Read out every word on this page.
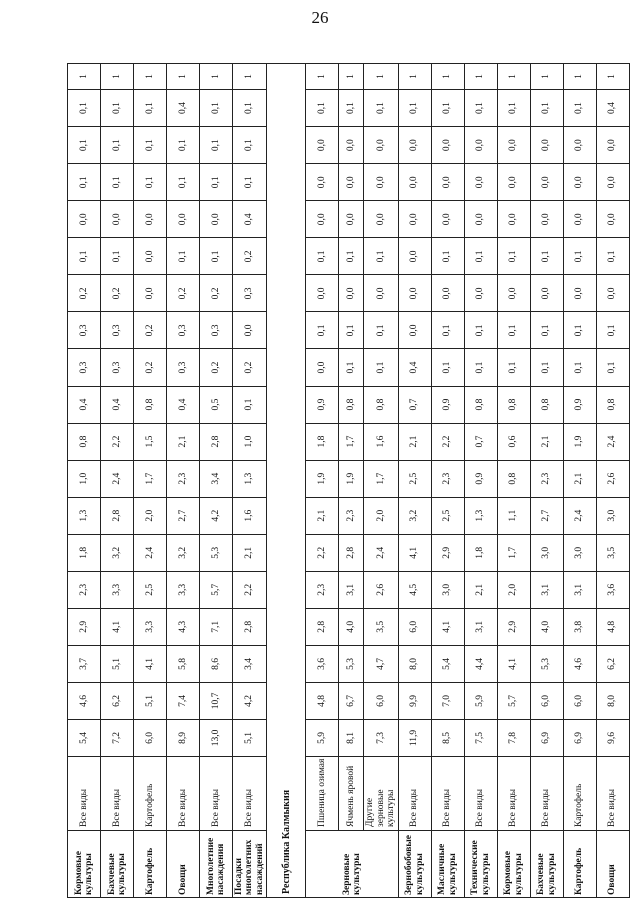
26
Кормовые культуры	Все виды	5,4	4,6	3,7	2,9	2,3	1,8	1,3	1,0	0,8	0,4	0,3	0,3	0,2	0,1	0,0	0,1	0,1	0,1	1
Бахчевые культуры	Все виды	7,2	6,2	5,1	4,1	3,3	3,2	2,8	2,4	2,2	0,4	0,3	0,3	0,2	0,1	0,0	0,1	0,1	0,1	1
Картофель	Картофель	6,0	5,1	4,1	3,3	2,5	2,4	2,0	1,7	1,5	0,8	0,2	0,2	0,0	0,0	0,0	0,1	0,1	0,1	1
Овощи	Все виды	8,9	7,4	5,8	4,3	3,3	3,2	2,7	2,3	2,1	0,4	0,3	0,3	0,2	0,1	0,0	0,1	0,1	0,4	1
Многолетние насаждения	Все виды	13,0	10,7	8,6	7,1	5,7	5,3	4,2	3,4	2,8	0,5	0,2	0,3	0,2	0,1	0,0	0,1	0,1	0,1	1
Посадки многолетних насаждений	Все виды	5,1	4,2	3,4	2,8	2,2	2,1	1,6	1,3	1,0	0,1	0,2	0,0	0,3	0,2	0,4	0,1	0,1	0,1	1
Республика Калмыкия																				
Зерновые культуры	Пшеница озимая	5,9	4,8	3,6	2,8	2,3	2,2	2,1	1,9	1,8	0,9	0,0	0,1	0,0	0,1	0,0	0,0	0,0	0,1	1
	Ячмень яровой	8,1	6,7	5,3	4,0	3,1	2,8	2,3	1,9	1,7	0,8	0,1	0,1	0,0	0,1	0,0	0,0	0,0	0,1	1
	Другие зерновые культуры	7,3	6,0	4,7	3,5	2,6	2,4	2,0	1,7	1,6	0,8	0,1	0,1	0,0	0,1	0,0	0,0	0,0	0,1	1
Зернобобовые культуры	Все виды	11,9	9,9	8,0	6,0	4,5	4,1	3,2	2,5	2,1	0,7	0,4	0,0	0,0	0,0	0,0	0,0	0,0	0,1	1
Масличные культуры	Все виды	8,5	7,0	5,4	4,1	3,0	2,9	2,5	2,3	2,2	0,9	0,1	0,1	0,0	0,1	0,0	0,0	0,0	0,1	1
Технические культуры	Все виды	7,5	5,9	4,4	3,1	2,1	1,8	1,3	0,9	0,7	0,8	0,1	0,1	0,0	0,1	0,0	0,0	0,0	0,1	1
Кормовые культуры	Все виды	7,8	5,7	4,1	2,9	2,0	1,7	1,1	0,8	0,6	0,8	0,1	0,1	0,0	0,1	0,0	0,0	0,0	0,1	1
Бахчевые культуры	Все виды	6,9	6,0	5,3	4,0	3,1	3,0	2,7	2,3	2,1	0,8	0,1	0,1	0,0	0,1	0,0	0,0	0,0	0,1	1
Картофель	Картофель	6,9	6,0	4,6	3,8	3,1	3,0	2,4	2,1	1,9	0,9	0,1	0,1	0,0	0,1	0,0	0,0	0,0	0,1	1
Овощи	Все виды	9,6	8,0	6,2	4,8	3,6	3,5	3,0	2,6	2,4	0,8	0,1	0,1	0,0	0,1	0,0	0,0	0,0	0,4	1
